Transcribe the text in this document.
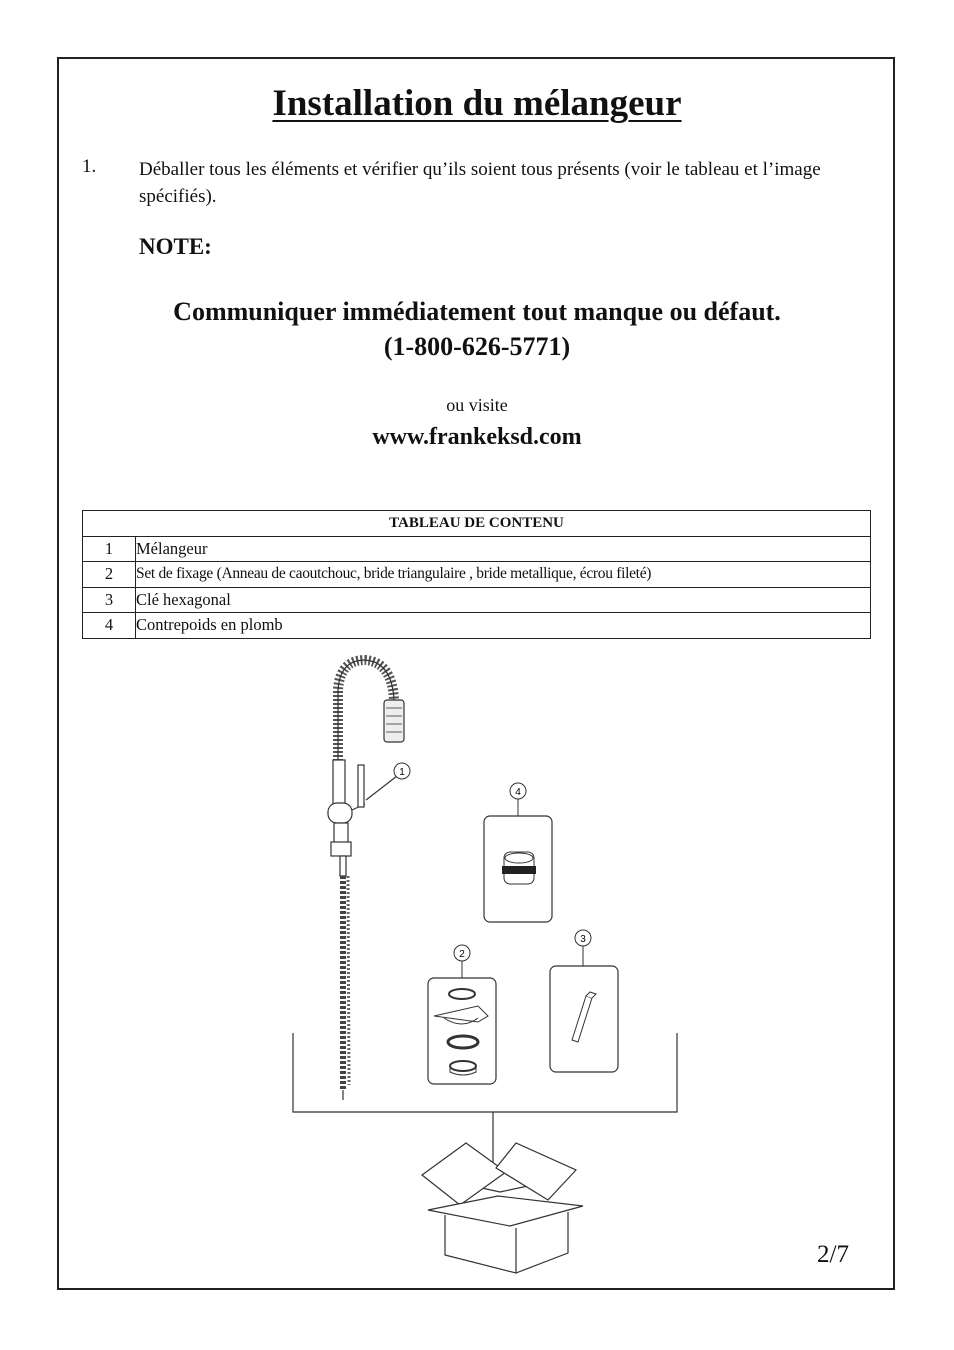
Installation du mélangeur
1. Déballer tous les éléments et vérifier qu’ils soient tous présents (voir le tableau et l’image spécifiés).
NOTE:
Communiquer immédiatement tout manque ou défaut.
(1-800-626-5771)
ou visite
www.frankeksd.com
TABLEAU DE CONTENU	
1	Mélangeur
2	Set de fixage (Anneau de caoutchouc, bride triangulaire , bride metallique, écrou fileté)
3	Clé hexagonal
4	Contrepoids en plomb
1
4
2
3
2/7
